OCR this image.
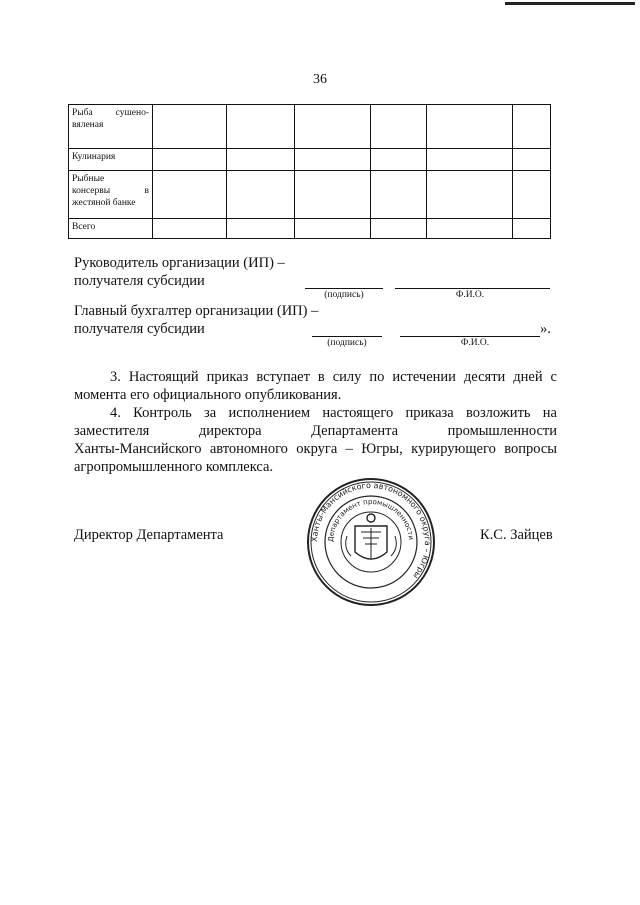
36
Рыба сушено-
вяленая						

Кулинария						

Рыбные
консервы в
жестяной банке						

Всего						

Руководитель организации (ИП) –
получателя субсидии
(подпись)	Ф.И.О.
Главный бухгалтер организации (ИП) –
получателя субсидии	».
(подпись)	Ф.И.О.
3. Настоящий приказ вступает в силу по истечении десяти дней с
момента его официального опубликования.
4. Контроль за исполнением настоящего приказа возложить на
заместителя директора Департамента промышленности
Ханты-Мансийского автономного округа – Югры, курирующего вопросы
агропромышленного комплекса.
Директор Департамента	К.С. Зайцев
Ханты-Мансийского автономного округа – Югры
Департамент промышленности
